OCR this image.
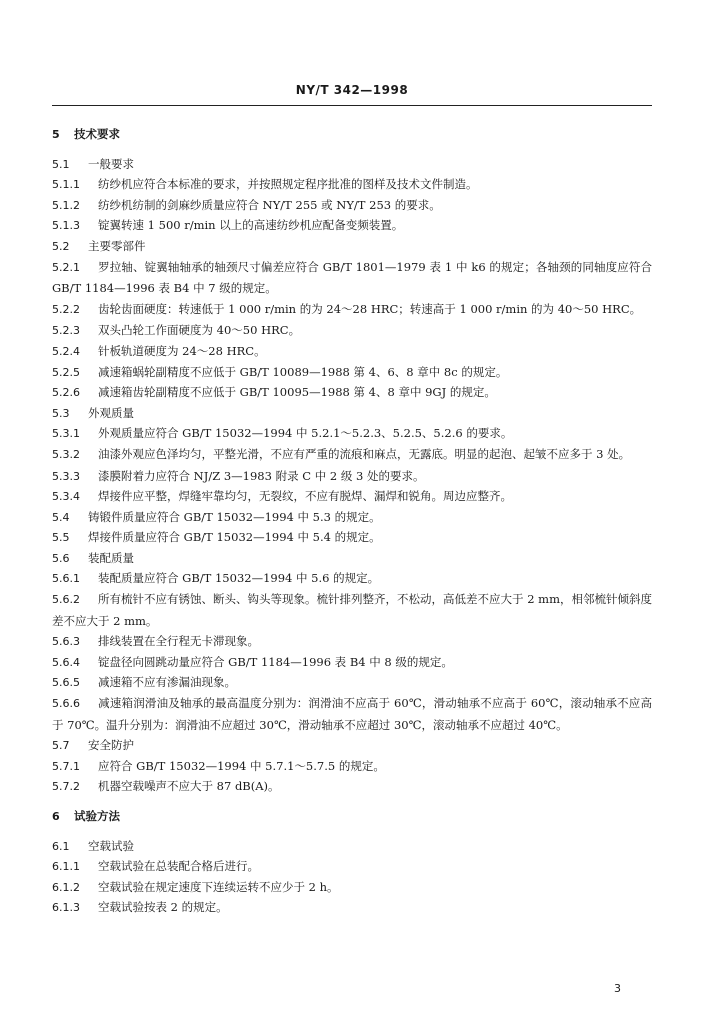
NY/T 342—1998
5 技术要求
5.1 一般要求
5.1.1 纺纱机应符合本标准的要求，并按照规定程序批准的图样及技术文件制造。
5.1.2 纺纱机纺制的剑麻纱质量应符合 NY/T 255 或 NY/T 253 的要求。
5.1.3 锭翼转速 1 500 r/min 以上的高速纺纱机应配备变频装置。
5.2 主要零部件
5.2.1 罗拉轴、锭翼轴轴承的轴颈尺寸偏差应符合 GB/T 1801—1979 表 1 中 k6 的规定；各轴颈的同轴度应符合 GB/T 1184—1996 表 B4 中 7 级的规定。
5.2.2 齿轮齿面硬度：转速低于 1 000 r/min 的为 24～28 HRC；转速高于 1 000 r/min 的为 40～50 HRC。
5.2.3 双头凸轮工作面硬度为 40～50 HRC。
5.2.4 针板轨道硬度为 24～28 HRC。
5.2.5 减速箱蜗轮副精度不应低于 GB/T 10089—1988 第 4、6、8 章中 8c 的规定。
5.2.6 减速箱齿轮副精度不应低于 GB/T 10095—1988 第 4、8 章中 9GJ 的规定。
5.3 外观质量
5.3.1 外观质量应符合 GB/T 15032—1994 中 5.2.1～5.2.3、5.2.5、5.2.6 的要求。
5.3.2 油漆外观应色泽均匀，平整光滑，不应有严重的流痕和麻点，无露底。明显的起泡、起皱不应多于 3 处。
5.3.3 漆膜附着力应符合 NJ/Z 3—1983 附录 C 中 2 级 3 处的要求。
5.3.4 焊接件应平整，焊缝牢靠均匀，无裂纹，不应有脱焊、漏焊和锐角。周边应整齐。
5.4 铸锻件质量应符合 GB/T 15032—1994 中 5.3 的规定。
5.5 焊接件质量应符合 GB/T 15032—1994 中 5.4 的规定。
5.6 装配质量
5.6.1 装配质量应符合 GB/T 15032—1994 中 5.6 的规定。
5.6.2 所有梳针不应有锈蚀、断头、钩头等现象。梳针排列整齐，不松动，高低差不应大于 2 mm，相邻梳针倾斜度差不应大于 2 mm。
5.6.3 排线装置在全行程无卡滞现象。
5.6.4 锭盘径向圆跳动量应符合 GB/T 1184—1996 表 B4 中 8 级的规定。
5.6.5 减速箱不应有渗漏油现象。
5.6.6 减速箱润滑油及轴承的最高温度分别为：润滑油不应高于 60℃，滑动轴承不应高于 60℃，滚动轴承不应高于 70℃。温升分别为：润滑油不应超过 30℃，滑动轴承不应超过 30℃，滚动轴承不应超过 40℃。
5.7 安全防护
5.7.1 应符合 GB/T 15032—1994 中 5.7.1～5.7.5 的规定。
5.7.2 机器空载噪声不应大于 87 dB(A)。
6 试验方法
6.1 空载试验
6.1.1 空载试验在总装配合格后进行。
6.1.2 空载试验在规定速度下连续运转不应少于 2 h。
6.1.3 空载试验按表 2 的规定。
3
